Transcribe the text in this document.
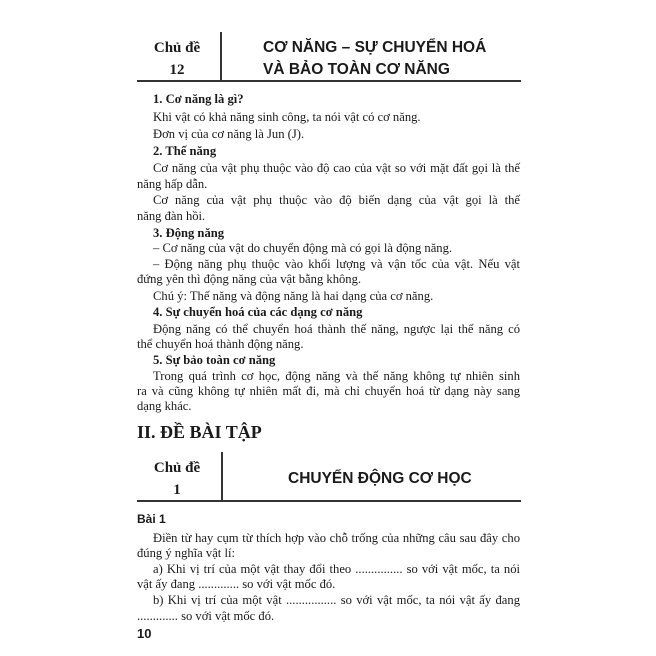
Chủ đề
12
CƠ NĂNG – SỰ CHUYỂN HOÁ
VÀ BẢO TOÀN CƠ NĂNG
1. Cơ năng là gì?
Khi vật có khả năng sinh công, ta nói vật có cơ năng.
Đơn vị của cơ năng là Jun (J).
2. Thế năng
Cơ năng của vật phụ thuộc vào độ cao của vật so với mặt đất gọi là thế
năng hấp dẫn.
Cơ năng của vật phụ thuộc vào độ biến dạng của vật gọi là thế
năng đàn hồi.
3. Động năng
– Cơ năng của vật do chuyển động mà có gọi là động năng.
– Động năng phụ thuộc vào khối lượng và vận tốc của vật. Nếu vật
đứng yên thì động năng của vật bằng không.
Chú ý: Thế năng và động năng là hai dạng của cơ năng.
4. Sự chuyển hoá của các dạng cơ năng
Động năng có thể chuyển hoá thành thế năng, ngược lại thế năng có
thể chuyển hoá thành động năng.
5. Sự bảo toàn cơ năng
Trong quá trình cơ học, động năng và thế năng không tự nhiên sinh
ra và cũng không tự nhiên mất đi, mà chỉ chuyển hoá từ dạng này sang
dạng khác.
II. ĐỀ BÀI TẬP
Chủ đề
1
CHUYỂN ĐỘNG CƠ HỌC
Bài 1
Điền từ hay cụm từ thích hợp vào chỗ trống của những câu sau đây cho
đúng ý nghĩa vật lí:
a) Khi vị trí của một vật thay đổi theo ............... so với vật mốc, ta nói
vật ấy đang ............. so với vật mốc đó.
b) Khi vị trí của một vật ................ so với vật mốc, ta nói vật ấy đang
............. so với vật mốc đó.
10
